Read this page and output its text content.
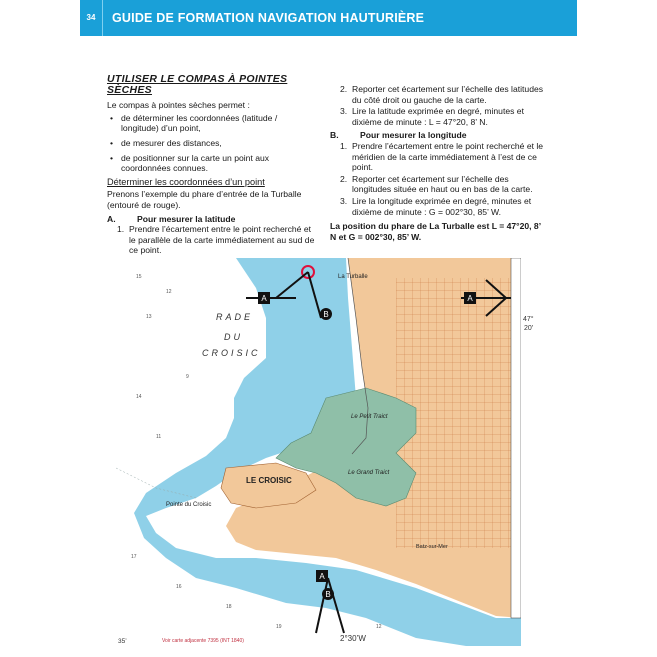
34	GUIDE DE FORMATION NAVIGATION HAUTURIÈRE

UTILISER LE COMPAS À POINTES SÈCHES

Le compas à pointes sèches permet :

• de déterminer les coordonnées (latitude / longitude) d’un point,

• de mesurer des distances,

• de positionner sur la carte un point aux coordonnées connues.

Déterminer les coordonnées d’un point

Prenons l’exemple du phare d’entrée de la Turballe (entouré de rouge).

A. Pour mesurer la latitude

1. Prendre l’écartement entre le point recherché et le parallèle de la carte immédiatement au sud de ce point.

2. Reporter cet écartement sur l’échelle des latitudes du côté droit ou gauche de la carte.

3. Lire la latitude exprimée en degré, minutes et dixième de minute : L = 47°20, 8’ N.

B. Pour mesurer la longitude

1. Prendre l’écartement entre le point recherché et le méridien de la carte immédiatement à l’est de ce point.

2. Reporter cet écartement sur l’échelle des longitudes située en haut ou en bas de la carte.

3. Lire la longitude exprimée en degré, minutes et dixième de minute : G = 002°30, 85’ W.

La position du phare de La Turballe est L = 47°20, 8’ N et G = 002°30, 85’ W.

A
B
A
A
B
La Turballe
RADE
DU
CROISIC
LE CROISIC
Pointe du Croisic
Le Petit Traict
Le Grand Traict
Batz-sur-Mer
15
12
13
9
14
11
17
16
18
19	12
47°
20’
35’	2°30’W
Voir carte adjacente 7395 (INT 1840)
